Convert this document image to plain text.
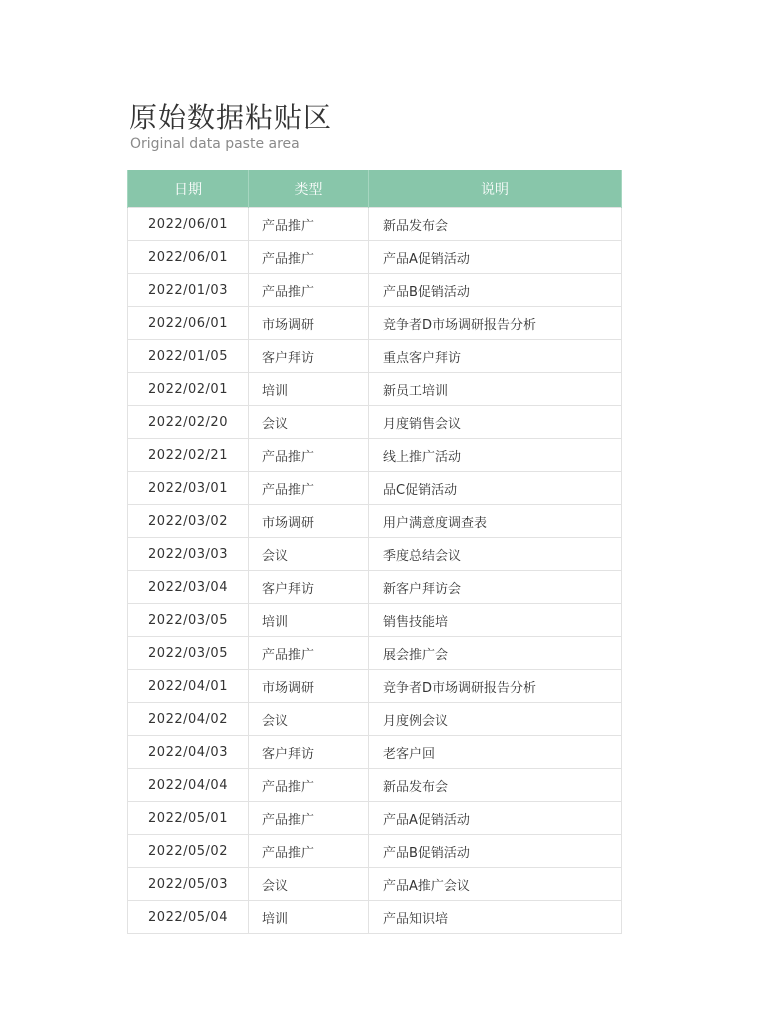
原始数据粘贴区
Original data paste area
日期	类型	说明
2022/06/01	产品推广	新品发布会
2022/06/01	产品推广	产品A促销活动
2022/01/03	产品推广	产品B促销活动
2022/06/01	市场调研	竞争者D市场调研报告分析
2022/01/05	客户拜访	重点客户拜访
2022/02/01	培训	新员工培训
2022/02/20	会议	月度销售会议
2022/02/21	产品推广	线上推广活动
2022/03/01	产品推广	品C促销活动
2022/03/02	市场调研	用户满意度调查表
2022/03/03	会议	季度总结会议
2022/03/04	客户拜访	新客户拜访会
2022/03/05	培训	销售技能培
2022/03/05	产品推广	展会推广会
2022/04/01	市场调研	竞争者D市场调研报告分析
2022/04/02	会议	月度例会议
2022/04/03	客户拜访	老客户回
2022/04/04	产品推广	新品发布会
2022/05/01	产品推广	产品A促销活动
2022/05/02	产品推广	产品B促销活动
2022/05/03	会议	产品A推广会议
2022/05/04	培训	产品知识培
